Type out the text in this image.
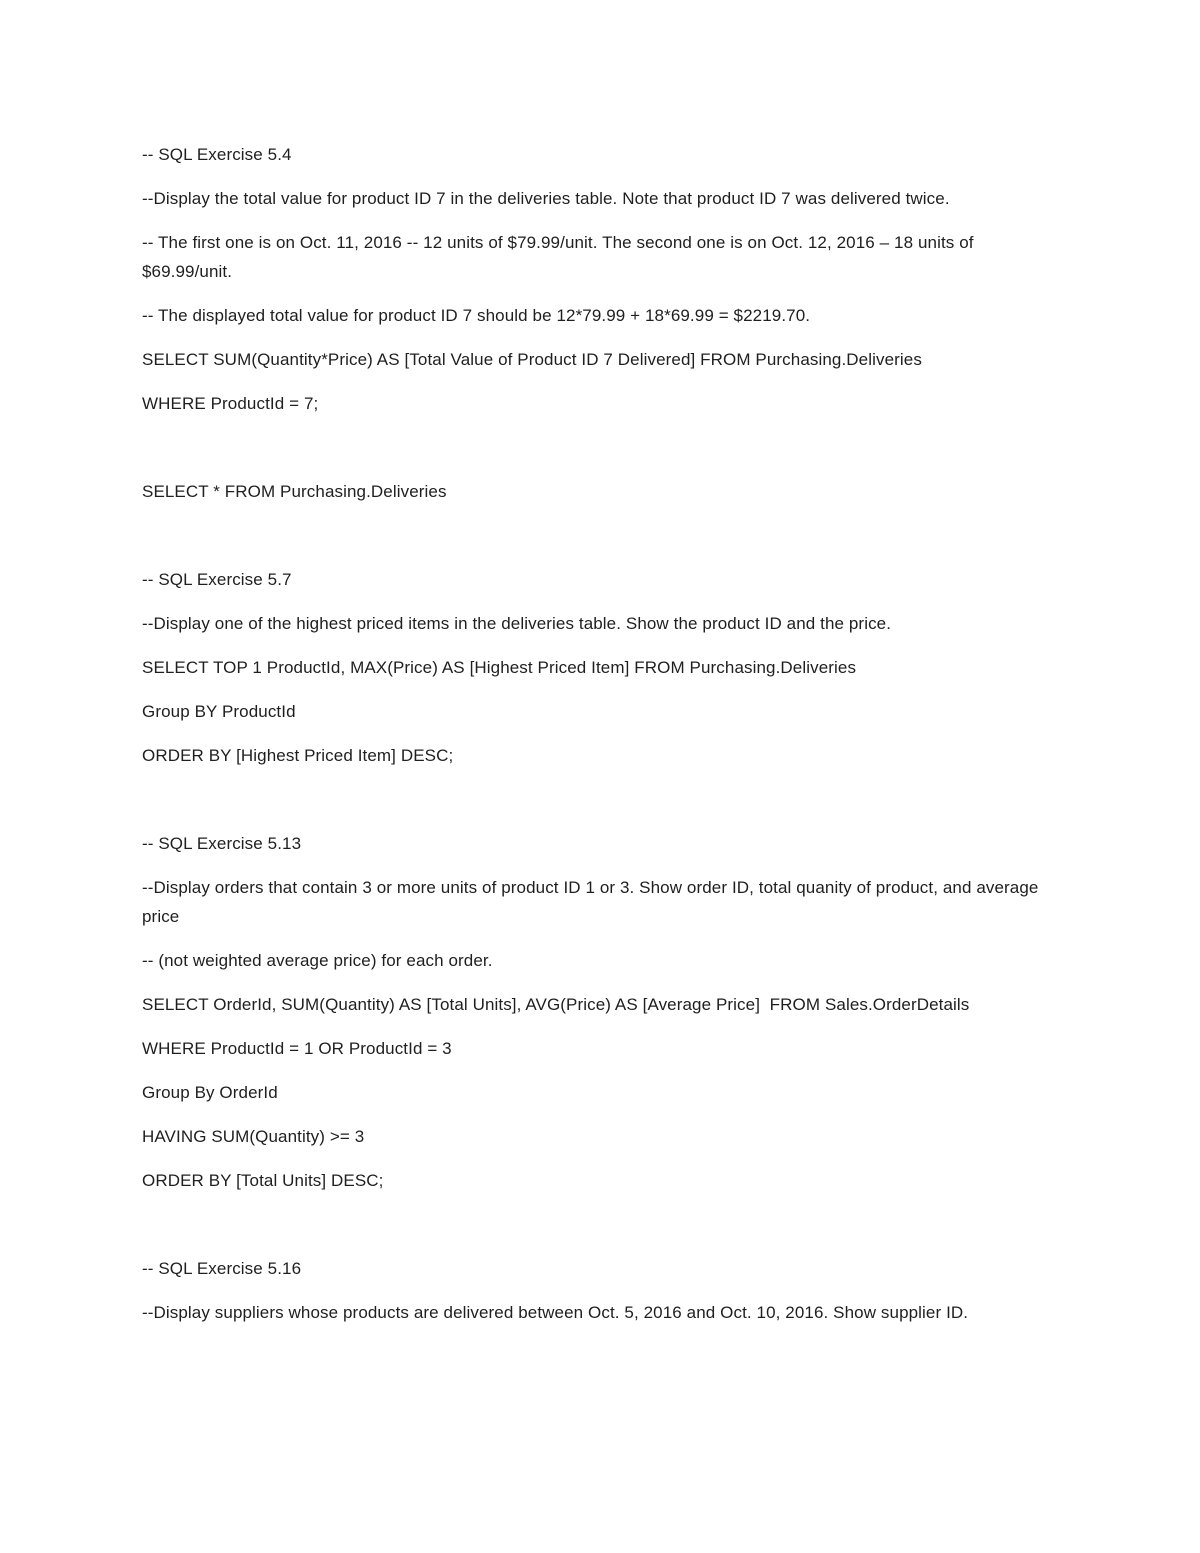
-- SQL Exercise 5.4

--Display the total value for product ID 7 in the deliveries table. Note that product ID 7 was delivered twice.

-- The first one is on Oct. 11, 2016 -- 12 units of $79.99/unit. The second one is on Oct. 12, 2016 – 18 units of $69.99/unit.

-- The displayed total value for product ID 7 should be 12*79.99 + 18*69.99 = $2219.70.

SELECT SUM(Quantity*Price) AS [Total Value of Product ID 7 Delivered] FROM Purchasing.Deliveries

WHERE ProductId = 7;

SELECT * FROM Purchasing.Deliveries

-- SQL Exercise 5.7

--Display one of the highest priced items in the deliveries table. Show the product ID and the price.

SELECT TOP 1 ProductId, MAX(Price) AS [Highest Priced Item] FROM Purchasing.Deliveries

Group BY ProductId

ORDER BY [Highest Priced Item] DESC;

-- SQL Exercise 5.13

--Display orders that contain 3 or more units of product ID 1 or 3. Show order ID, total quanity of product, and average price

-- (not weighted average price) for each order.

SELECT OrderId, SUM(Quantity) AS [Total Units], AVG(Price) AS [Average Price]  FROM Sales.OrderDetails

WHERE ProductId = 1 OR ProductId = 3

Group By OrderId

HAVING SUM(Quantity) >= 3

ORDER BY [Total Units] DESC;

-- SQL Exercise 5.16

--Display suppliers whose products are delivered between Oct. 5, 2016 and Oct. 10, 2016. Show supplier ID.
